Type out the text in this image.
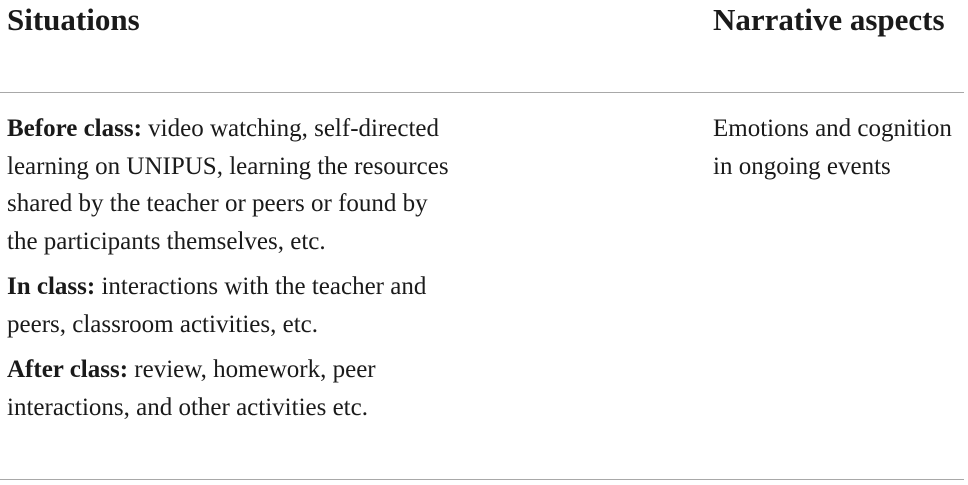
Situations	Narrative aspects

Before class: video watching, self-directed learning on UNIPUS, learning the resources shared by the teacher or peers or found by the participants themselves, etc.

In class: interactions with the teacher and peers, classroom activities, etc.

After class: review, homework, peer interactions, and other activities etc.

Emotions and cognition in ongoing events
